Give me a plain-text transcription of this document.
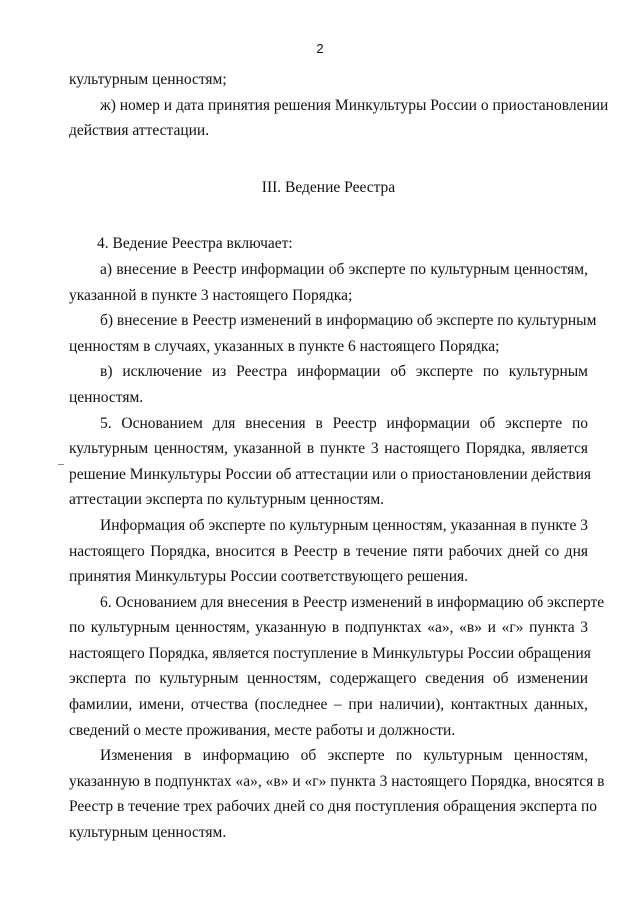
2
культурным ценностям;
ж) номер и дата принятия решения Минкультуры России о приостановлении
действия аттестации.
III. Ведение Реестра
4. Ведение Реестра включает:
а) внесение в Реестр информации об эксперте по культурным ценностям,
указанной в пункте 3 настоящего Порядка;
б) внесение в Реестр изменений в информацию об эксперте по культурным
ценностям в случаях, указанных в пункте 6 настоящего Порядка;
в) исключение из Реестра информации об эксперте по культурным
ценностям.
5. Основанием для внесения в Реестр информации об эксперте по
культурным ценностям, указанной в пункте 3 настоящего Порядка, является
решение Минкультуры России об аттестации или о приостановлении действия
аттестации эксперта по культурным ценностям.
Информация об эксперте по культурным ценностям, указанная в пункте 3
настоящего Порядка, вносится в Реестр в течение пяти рабочих дней со дня
принятия Минкультуры России соответствующего решения.
6. Основанием для внесения в Реестр изменений в информацию об эксперте
по культурным ценностям, указанную в подпунктах «а», «в» и «г» пункта 3
настоящего Порядка, является поступление в Минкультуры России обращения
эксперта по культурным ценностям, содержащего сведения об изменении
фамилии, имени, отчества (последнее – при наличии), контактных данных,
сведений о месте проживания, месте работы и должности.
Изменения в информацию об эксперте по культурным ценностям,
указанную в подпунктах «а», «в» и «г» пункта 3 настоящего Порядка, вносятся в
Реестр в течение трех рабочих дней со дня поступления обращения эксперта по
культурным ценностям.
